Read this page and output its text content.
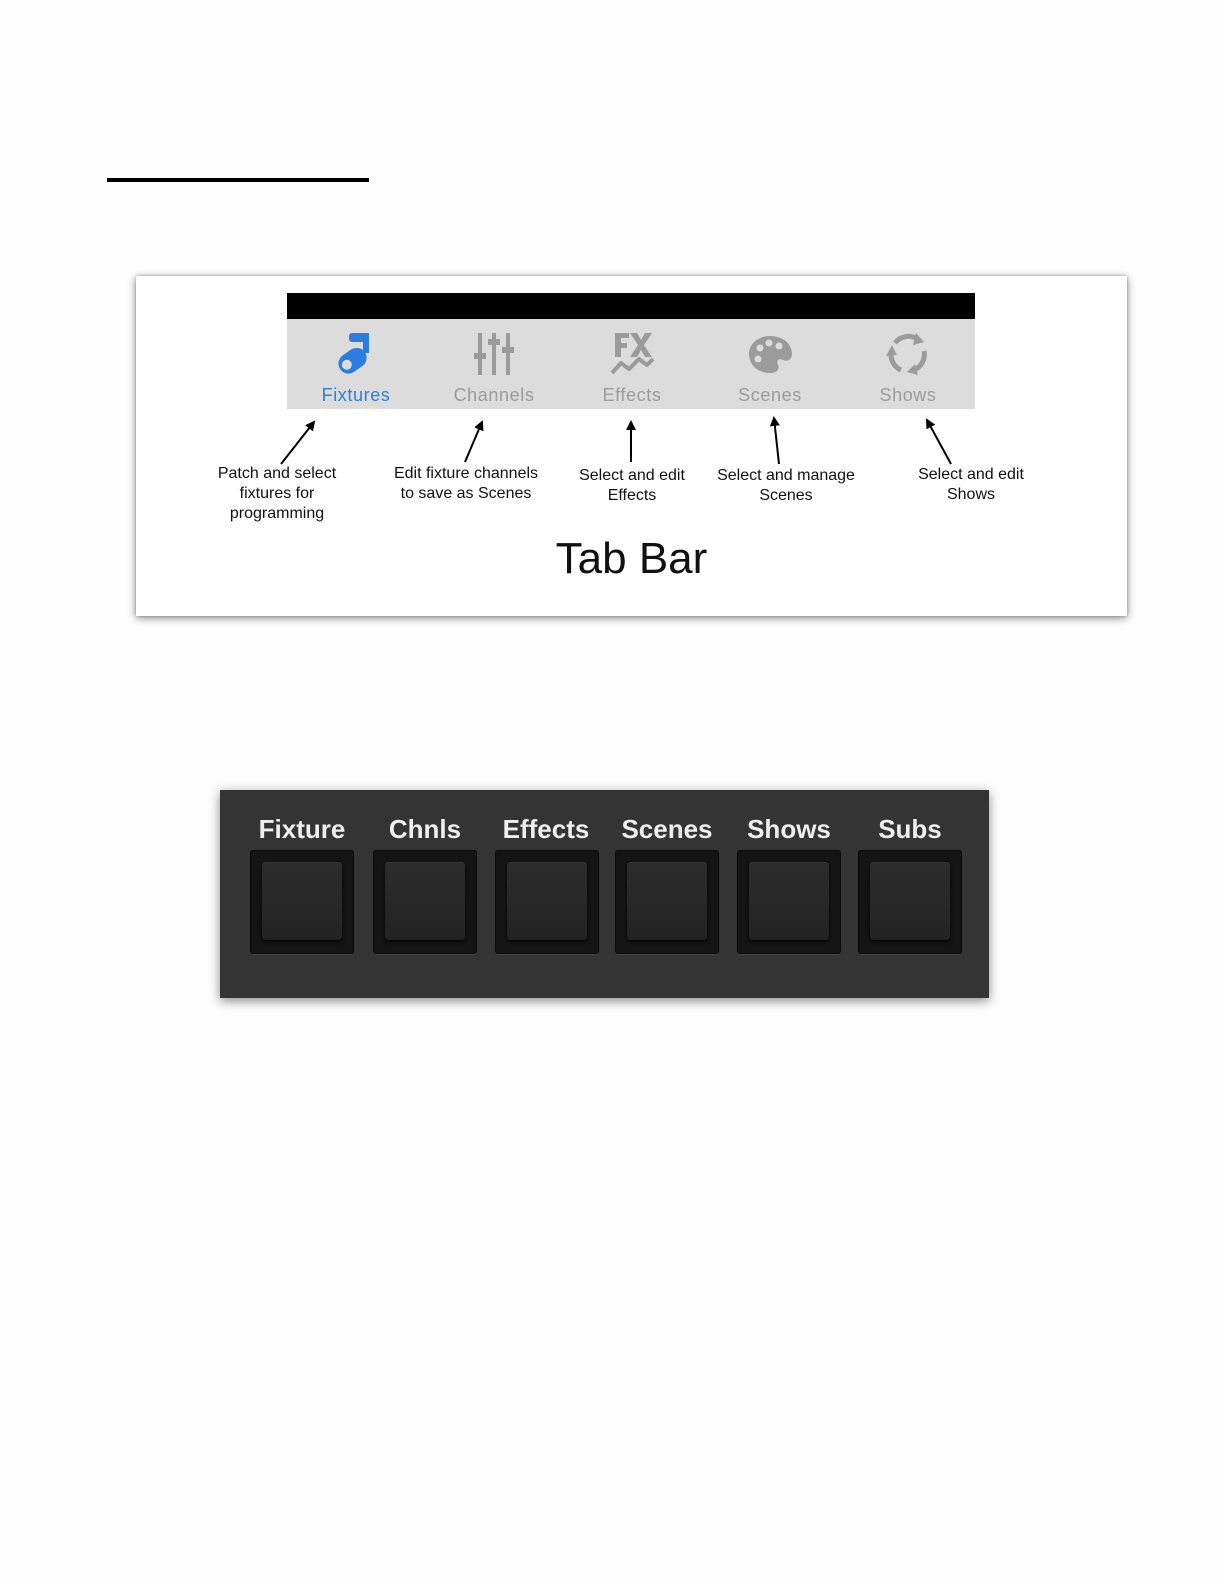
Fixtures	Channels	Effects	Scenes	Shows
Patch and select
fixtures for
programming
Edit fixture channels
to save as Scenes
Select and edit
Effects
Select and manage
Scenes
Select and edit
Shows
Tab Bar
Fixture	Chnls	Effects	Scenes	Shows	Subs
